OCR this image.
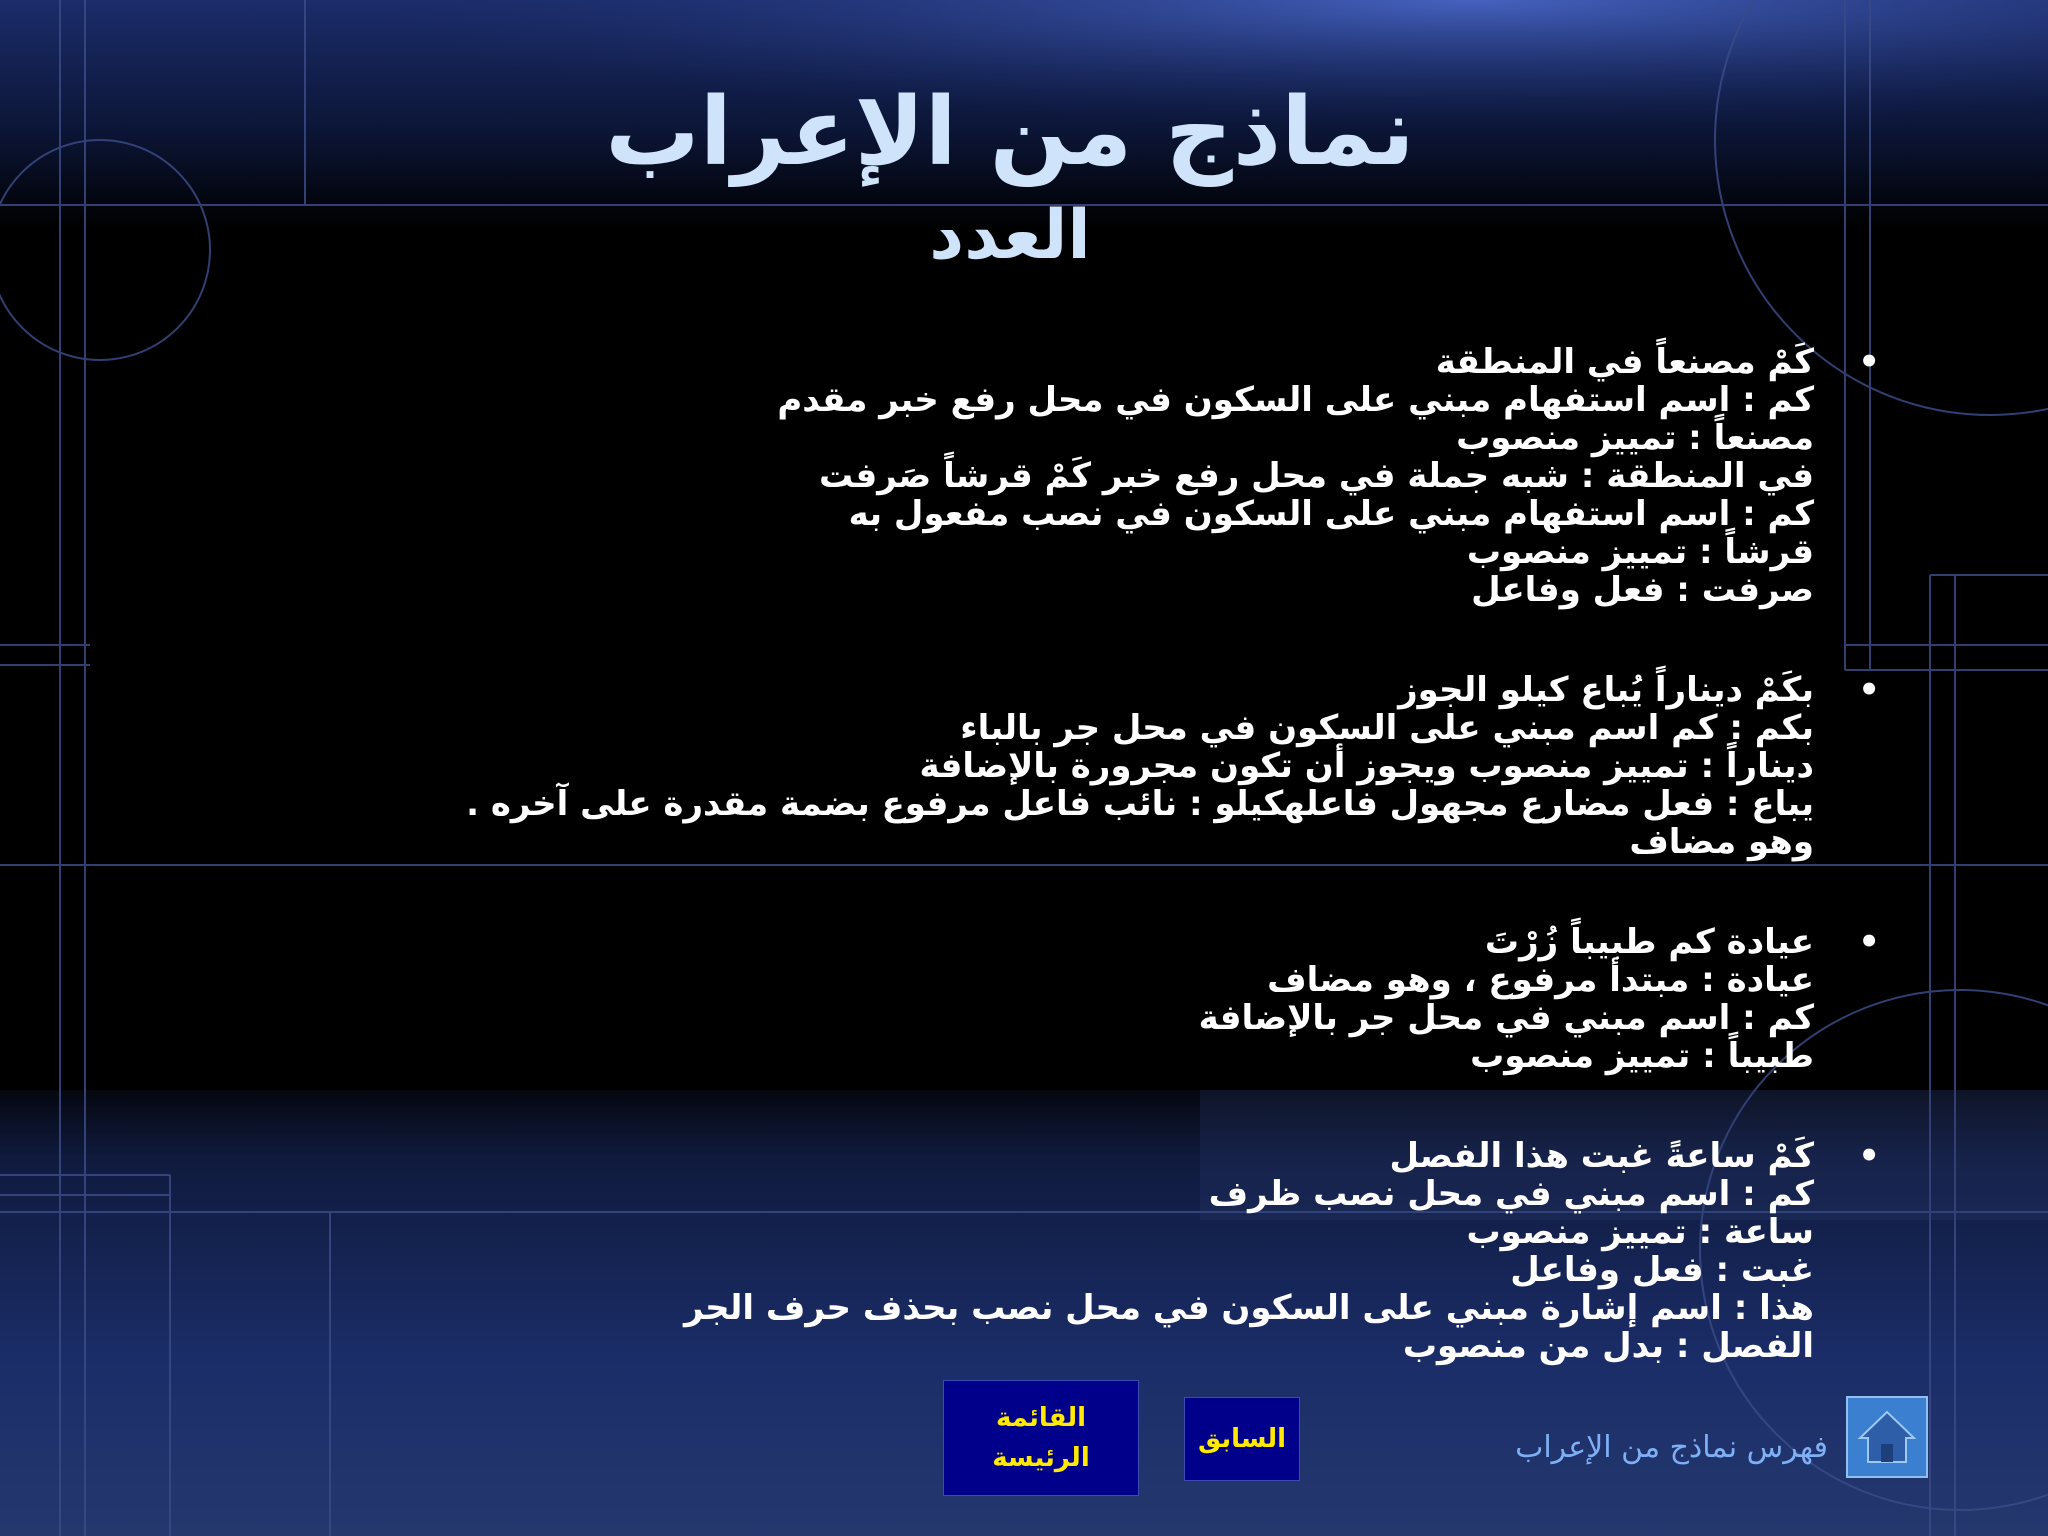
نماذج من الإعراب
العدد
•
كَمْ مصنعاً في المنطقة
كم : اسم استفهام مبني على السكون في محل رفع خبر مقدم
مصنعاً : تمييز منصوب
في المنطقة : شبه جملة في محل رفع خبر كَمْ قرشاً صَرفت
كم : اسم استفهام مبني على السكون في نصب مفعول به
قرشاً : تمييز منصوب
صرفت : فعل وفاعل
•
بكَمْ ديناراً يُباع كيلو الجوز
بكم : كم اسم مبني على السكون في محل جر بالباء
ديناراً : تمييز منصوب ويجوز أن تكون مجرورة بالإضافة
يباع : فعل مضارع مجهول فاعلهكيلو : نائب فاعل مرفوع بضمة مقدرة على آخره .
وهو مضاف
•
عيادة كم طبيباً زُرْتَ
عيادة : مبتدأ مرفوع ، وهو مضاف
كم : اسم مبني في محل جر بالإضافة
طبيباً : تمييز منصوب
•
كَمْ ساعةً غبت هذا الفصل
كم : اسم مبني في محل نصب ظرف
ساعة : تمييز منصوب
غبت : فعل وفاعل
هذا : اسم إشارة مبني على السكون في محل نصب بحذف حرف الجر
الفصل : بدل من منصوب
القائمة
الرئيسة
السابق	فهرس نماذج من الإعراب
